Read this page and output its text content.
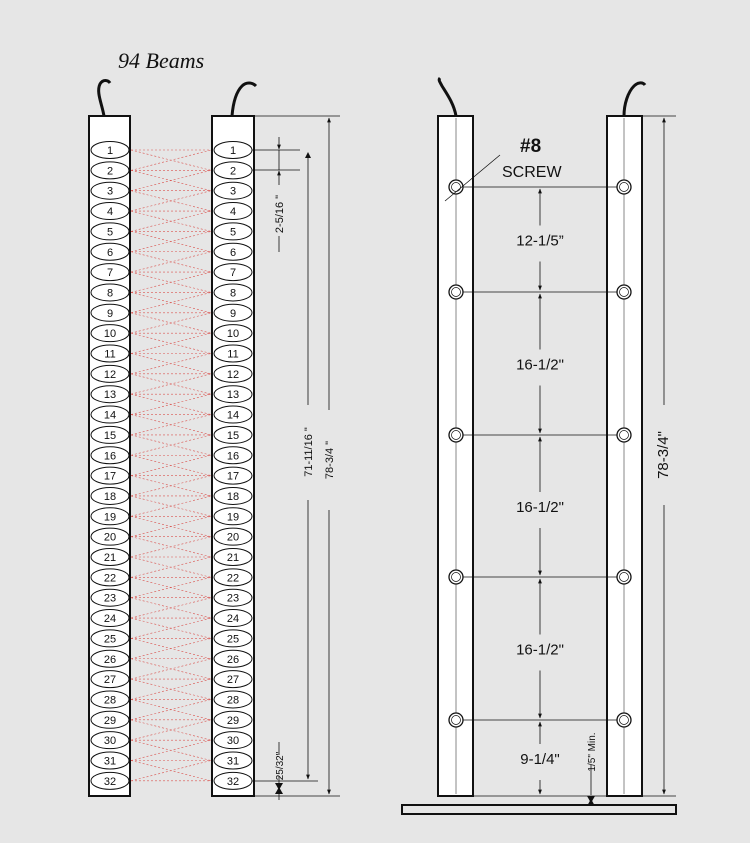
94 Beams
1	1
2	2
3	3
4	4
5	5
6	6
7	7
8	8
9	9
10	10
11	11
12	12
13	13
14	14
15	15
16	16
17	17
18	18
19	19
20	20
21	21
22	22
23	23
24	24
25	25
26	26
27	27
28	28
29	29
30	30
31	31
32	32
2-5/16 "
71-11/16 " 78-3/4 "
25/32"
#8
SCREW
12-1/5”
16-1/2"
16-1/2"
16-1/2"
9-1/4"
78-3/4"
1/5" Min.
